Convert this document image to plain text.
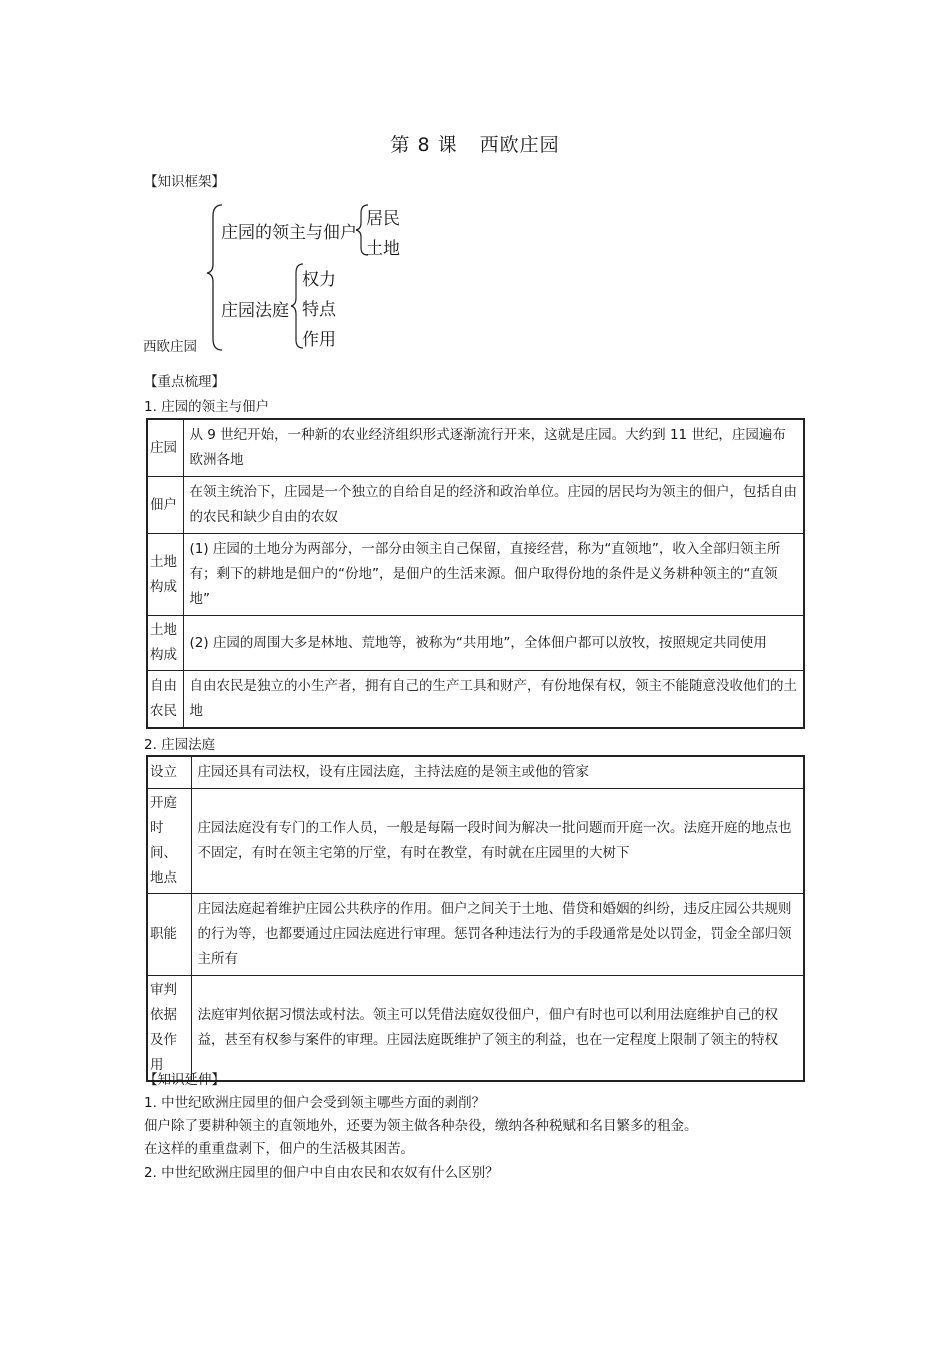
第 8 课 西欧庄园
【知识框架】
庄园的领主与佃户
居民
土地
庄园法庭
权力
特点
作用
西欧庄园
【重点梳理】
1. 庄园的领主与佃户
庄园	从 9 世纪开始，一种新的农业经济组织形式逐渐流行开来，这就是庄园。大约到 11 世纪，庄园遍布欧洲各地
佃户	在领主统治下，庄园是一个独立的自给自足的经济和政治单位。庄园的居民均为领主的佃户，包括自由的农民和缺少自由的农奴
土地构成	(1) 庄园的土地分为两部分，一部分由领主自己保留，直接经营，称为“直领地”，收入全部归领主所有；剩下的耕地是佃户的“份地”，是佃户的生活来源。佃户取得份地的条件是义务耕种领主的“直领地”
土地构成	(2) 庄园的周围大多是林地、荒地等，被称为“共用地”，全体佃户都可以放牧，按照规定共同使用
自由农民	自由农民是独立的小生产者，拥有自己的生产工具和财产，有份地保有权，领主不能随意没收他们的土地
2. 庄园法庭
设立	庄园还具有司法权，设有庄园法庭，主持法庭的是领主或他的管家
开庭时间、地点	庄园法庭没有专门的工作人员，一般是每隔一段时间为解决一批问题而开庭一次。法庭开庭的地点也不固定，有时在领主宅第的厅堂，有时在教堂，有时就在庄园里的大树下
职能	庄园法庭起着维护庄园公共秩序的作用。佃户之间关于土地、借贷和婚姻的纠纷，违反庄园公共规则的行为等，也都要通过庄园法庭进行审理。惩罚各种违法行为的手段通常是处以罚金，罚金全部归领主所有
审判依据及作用	法庭审判依据习惯法或村法。领主可以凭借法庭奴役佃户，佃户有时也可以利用法庭维护自己的权益，甚至有权参与案件的审理。庄园法庭既维护了领主的利益，也在一定程度上限制了领主的特权
【知识延伸】
1. 中世纪欧洲庄园里的佃户会受到领主哪些方面的剥削？
佃户除了要耕种领主的直领地外，还要为领主做各种杂役，缴纳各种税赋和名目繁多的租金。
在这样的重重盘剥下，佃户的生活极其困苦。
2. 中世纪欧洲庄园里的佃户中自由农民和农奴有什么区别？
